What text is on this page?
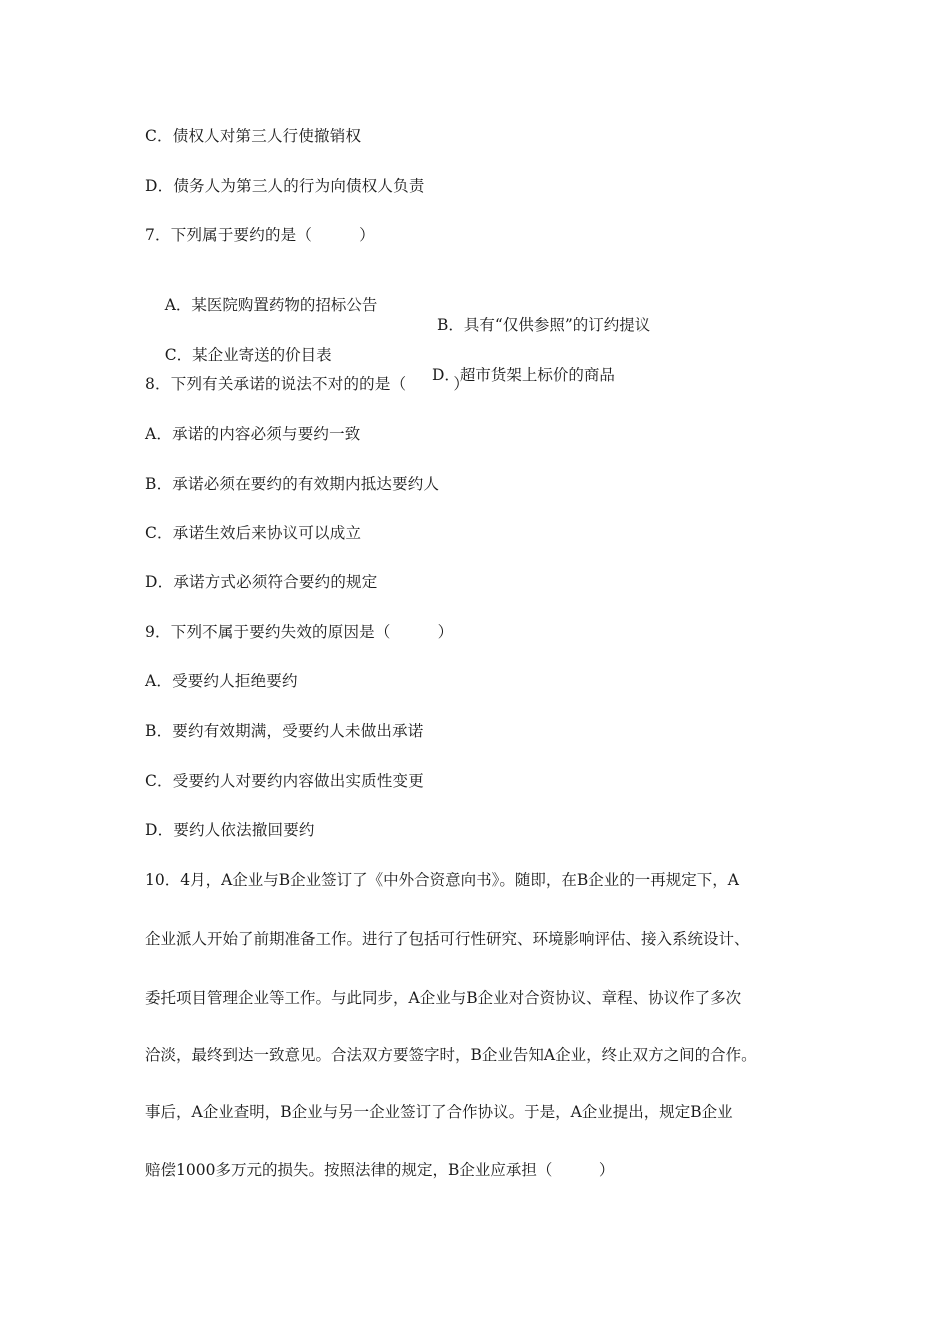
C．债权人对第三人行使撤销权
D．债务人为第三人的行为向债权人负责
7．下列属于要约的是（　　　）

A．某医院购置药物的招标公告

B．具有“仅供参照”的订约提议

C．某企业寄送的价目表

D．超市货架上标价的商品

8．下列有关承诺的说法不对的的是（　　　）
A．承诺的内容必须与要约一致
B．承诺必须在要约的有效期内抵达要约人
C．承诺生效后来协议可以成立
D．承诺方式必须符合要约的规定
9．下列不属于要约失效的原因是（　　　）
A．受要约人拒绝要约
B．要约有效期满，受要约人未做出承诺
C．受要约人对要约内容做出实质性变更
D．要约人依法撤回要约
10．4月，A企业与B企业签订了《中外合资意向书》。随即，在B企业的一再规定下，A
企业派人开始了前期准备工作。进行了包括可行性研究、环境影响评估、接入系统设计、
委托项目管理企业等工作。与此同步，A企业与B企业对合资协议、章程、协议作了多次
洽淡，最终到达一致意见。合法双方要签字时，B企业告知A企业，终止双方之间的合作。
事后，A企业查明，B企业与另一企业签订了合作协议。于是，A企业提出，规定B企业
赔偿1000多万元的损失。按照法律的规定，B企业应承担（　　　）
